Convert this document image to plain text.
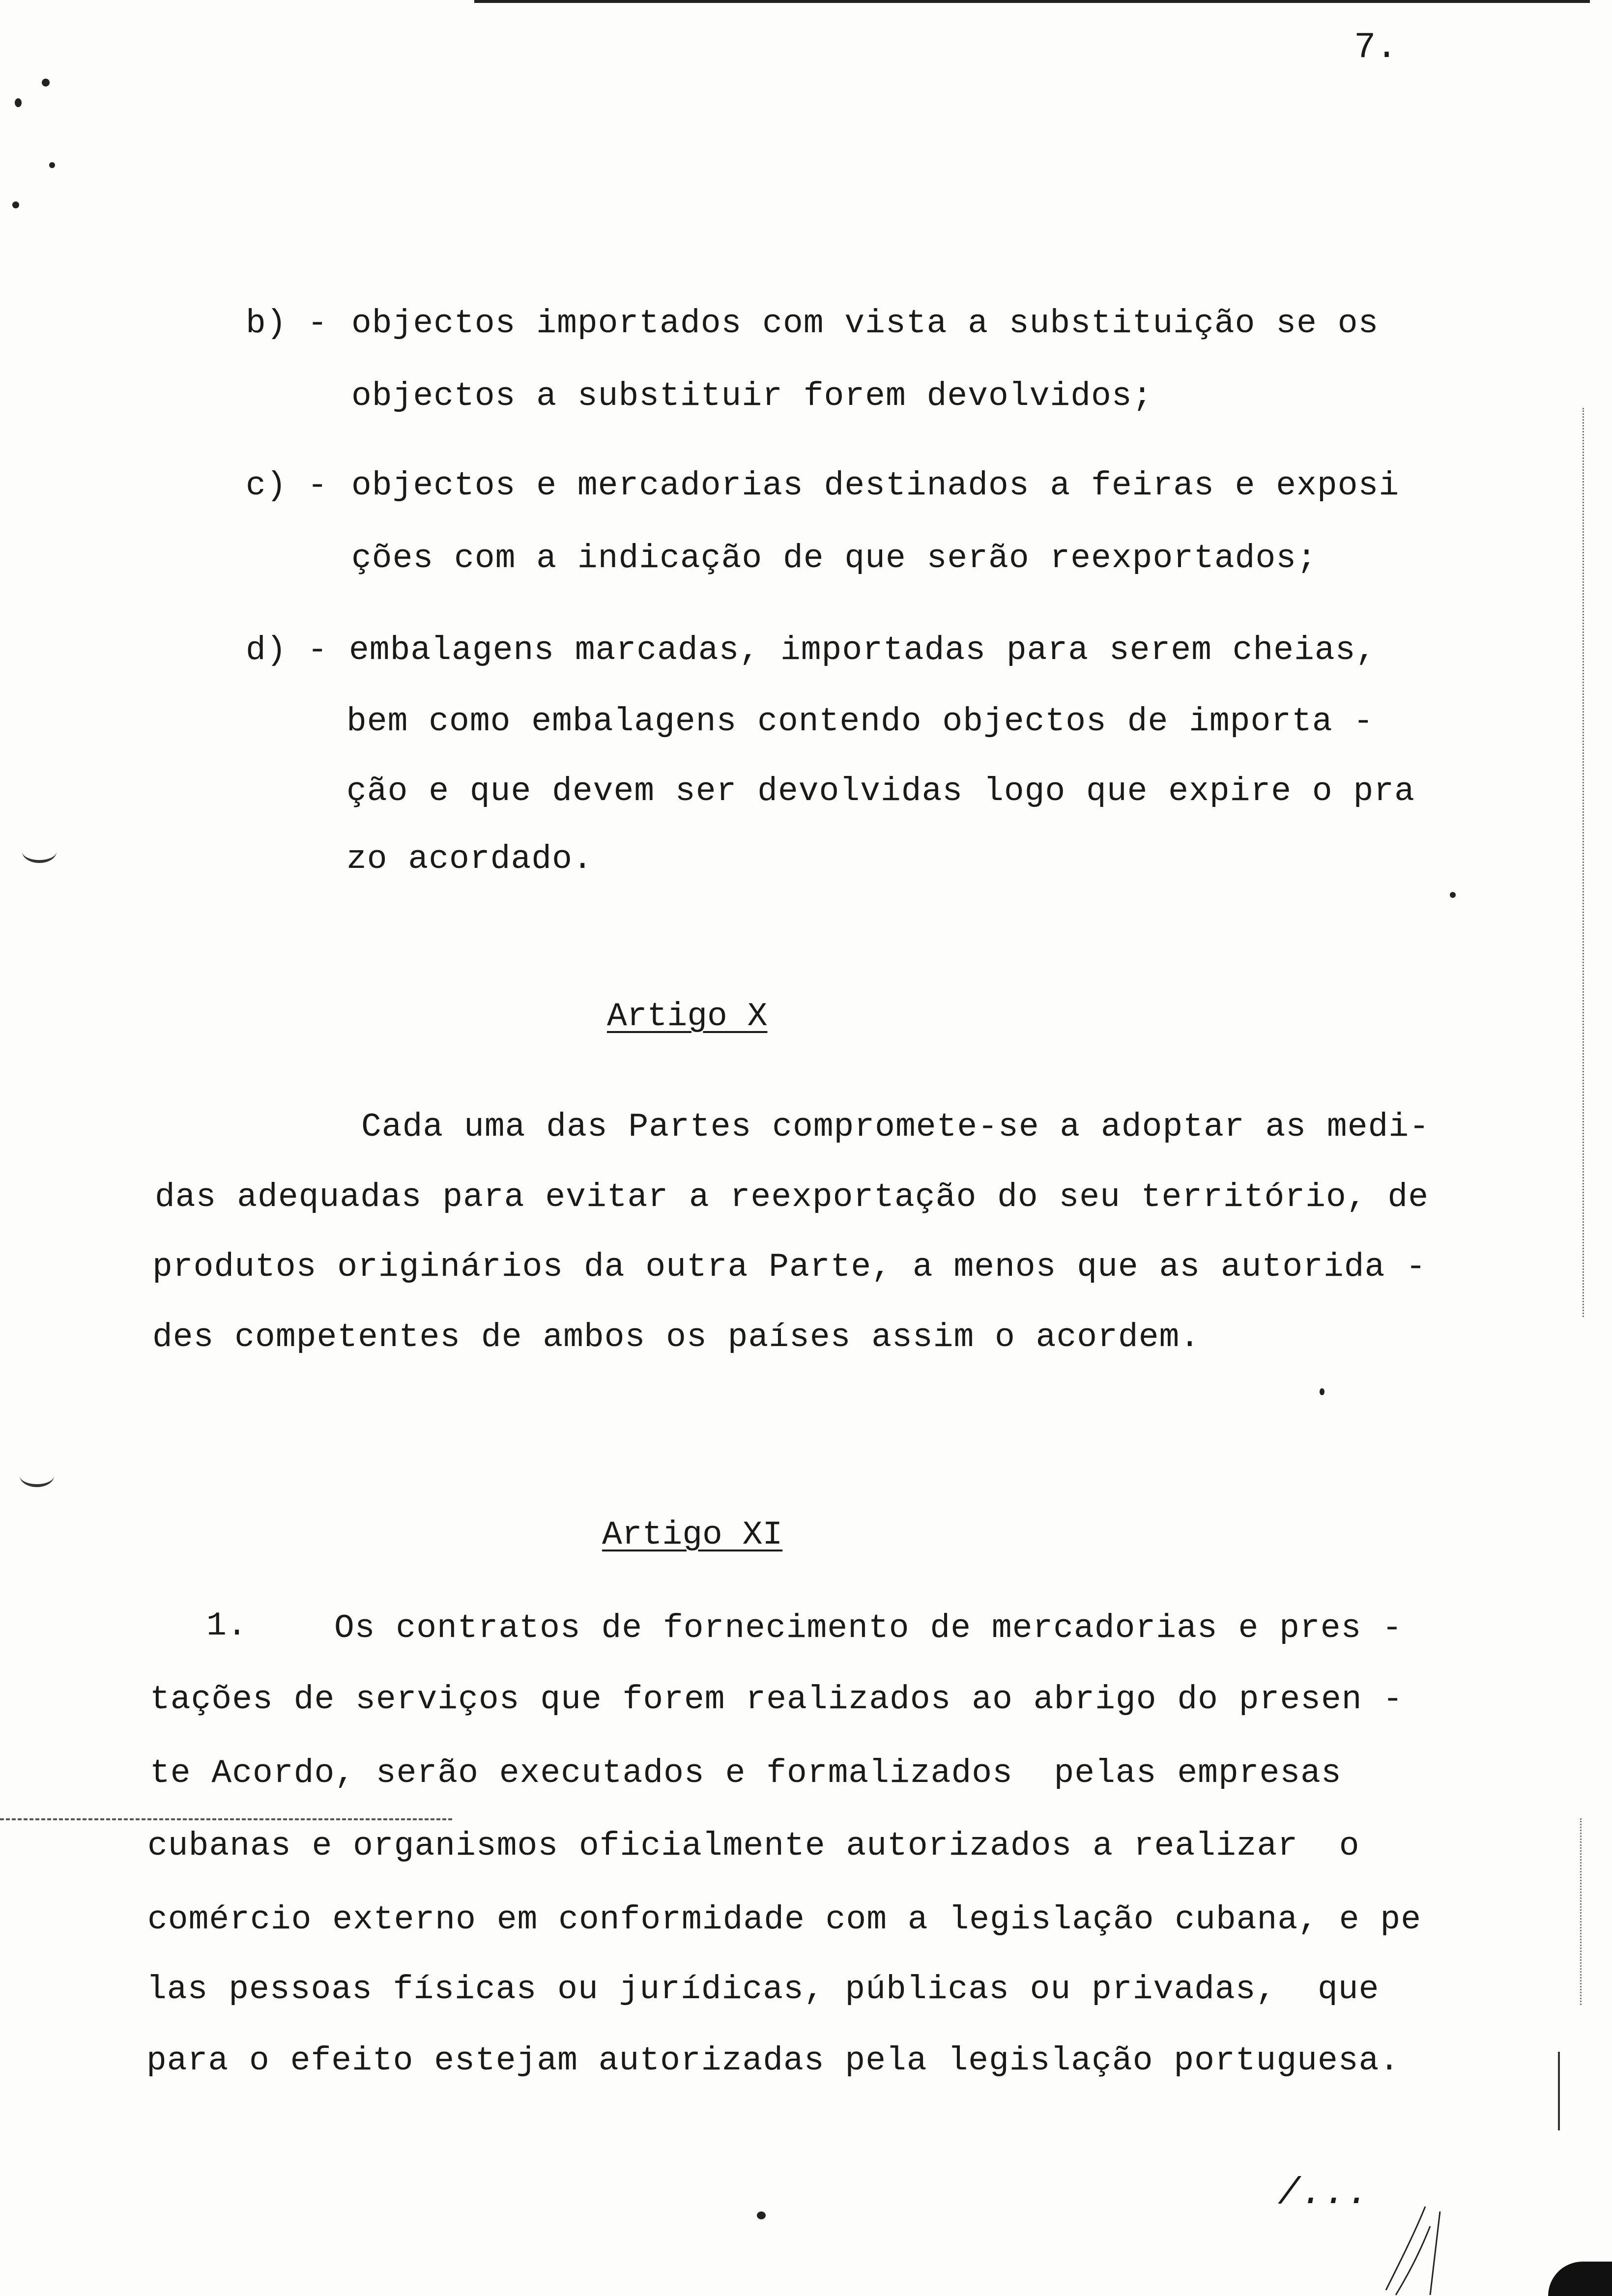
7.
b) - objectos importados com vista a substituição se os
objectos a substituir forem devolvidos;
c) - objectos e mercadorias destinados a feiras e exposi
ções com a indicação de que serão reexportados;
d) - embalagens marcadas, importadas para serem cheias,
bem como embalagens contendo objectos de importa -
ção e que devem ser devolvidas logo que expire o pra
zo acordado.
Artigo X
Cada uma das Partes compromete-se a adoptar as medi-
das adequadas para evitar a reexportação do seu território, de
produtos originários da outra Parte, a menos que as autorida -
des competentes de ambos os países assim o acordem.
Artigo XI
1.	Os contratos de fornecimento de mercadorias e pres -
tações de serviços que forem realizados ao abrigo do presen -
te Acordo, serão executados e formalizados  pelas empresas
cubanas e organismos oficialmente autorizados a realizar  o
comércio externo em conformidade com a legislação cubana, e pe
las pessoas físicas ou jurídicas, públicas ou privadas,  que
para o efeito estejam autorizadas pela legislação portuguesa.
/...
